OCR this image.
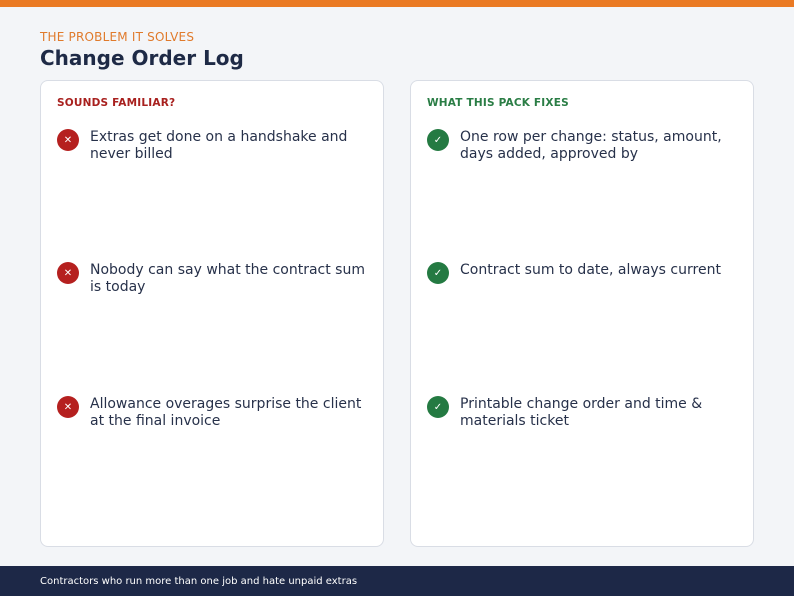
THE PROBLEM IT SOLVES
Change Order Log
SOUNDS FAMILIAR?
✕	Extras get done on a handshake and never billed
✕	Nobody can say what the contract sum is today
✕	Allowance overages surprise the client at the final invoice
WHAT THIS PACK FIXES
✓	One row per change: status, amount, days added, approved by
✓	Contract sum to date, always current
✓	Printable change order and time & materials ticket
Contractors who run more than one job and hate unpaid extras
